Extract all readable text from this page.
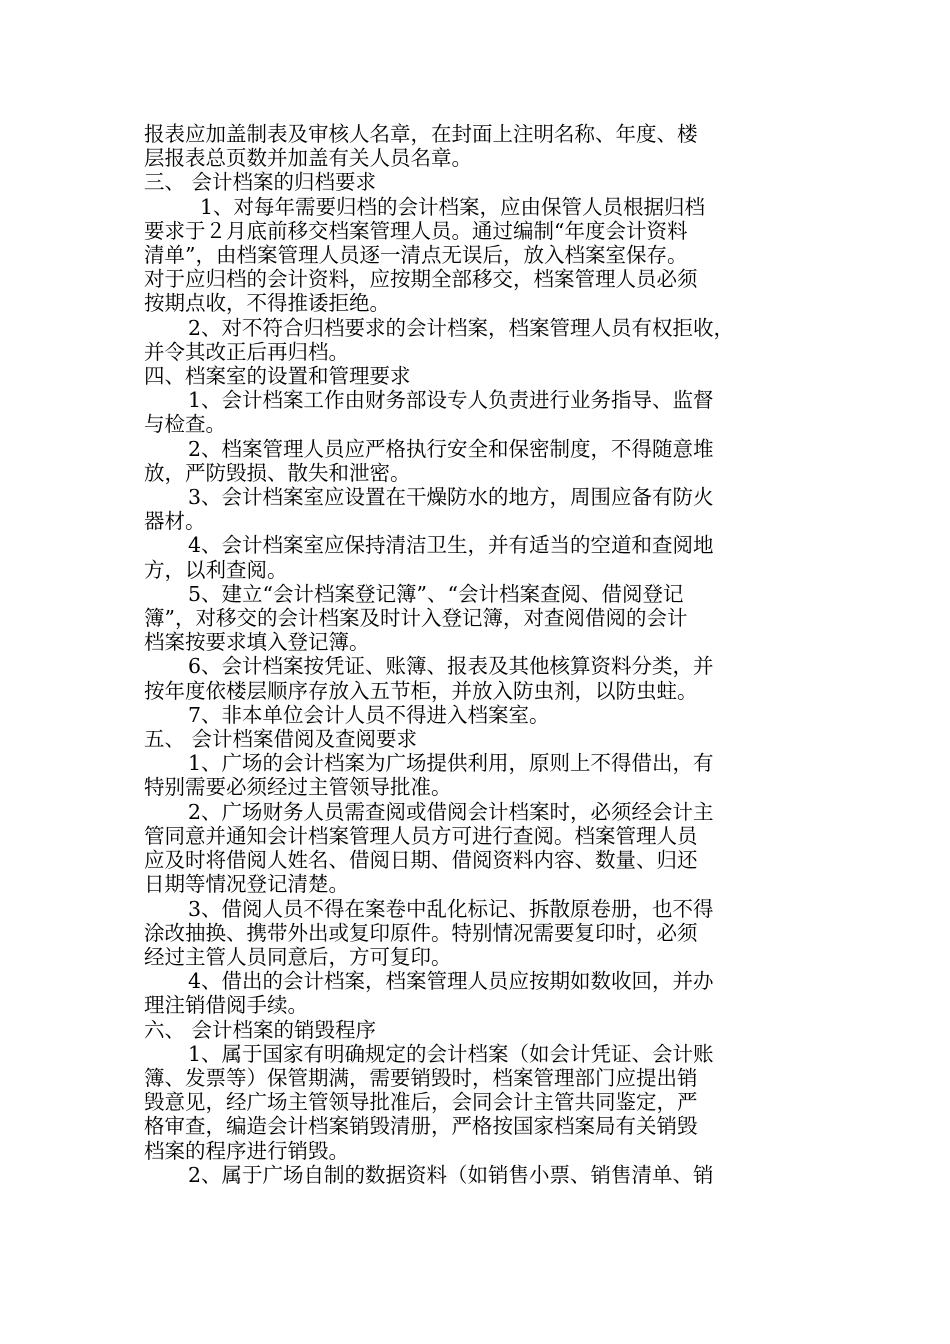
报表应加盖制表及审核人名章，在封面上注明名称、年度、楼
层报表总页数并加盖有关人员名章。
三、 会计档案的归档要求
1、对每年需要归档的会计档案，应由保管人员根据归档
要求于２月底前移交档案管理人员。通过编制“年度会计资料
清单”，由档案管理人员逐一清点无误后，放入档案室保存。
对于应归档的会计资料，应按期全部移交，档案管理人员必须
按期点收，不得推诿拒绝。
2、对不符合归档要求的会计档案，档案管理人员有权拒收，
并令其改正后再归档。
四、档案室的设置和管理要求
1、会计档案工作由财务部设专人负责进行业务指导、监督
与检查。
2、档案管理人员应严格执行安全和保密制度，不得随意堆
放，严防毁损、散失和泄密。
3、会计档案室应设置在干燥防水的地方，周围应备有防火
器材。
4、会计档案室应保持清洁卫生，并有适当的空道和查阅地
方，以利查阅。
5、建立“会计档案登记簿”、“会计档案查阅、借阅登记
簿”，对移交的会计档案及时计入登记簿，对查阅借阅的会计
档案按要求填入登记簿。
6、会计档案按凭证、账簿、报表及其他核算资料分类，并
按年度依楼层顺序存放入五节柜，并放入防虫剂，以防虫蛀。
7、非本单位会计人员不得进入档案室。
五、 会计档案借阅及查阅要求
1、广场的会计档案为广场提供利用，原则上不得借出，有
特别需要必须经过主管领导批准。
2、广场财务人员需查阅或借阅会计档案时，必须经会计主
管同意并通知会计档案管理人员方可进行查阅。档案管理人员
应及时将借阅人姓名、借阅日期、借阅资料内容、数量、归还
日期等情况登记清楚。
3、借阅人员不得在案卷中乱化标记、拆散原卷册，也不得
涂改抽换、携带外出或复印原件。特别情况需要复印时，必须
经过主管人员同意后，方可复印。
4、借出的会计档案，档案管理人员应按期如数收回，并办
理注销借阅手续。
六、 会计档案的销毁程序
1、属于国家有明确规定的会计档案（如会计凭证、会计账
簿、发票等）保管期满，需要销毁时，档案管理部门应提出销
毁意见，经广场主管领导批准后，会同会计主管共同鉴定，严
格审查，编造会计档案销毁清册，严格按国家档案局有关销毁
档案的程序进行销毁。
2、属于广场自制的数据资料（如销售小票、销售清单、销
